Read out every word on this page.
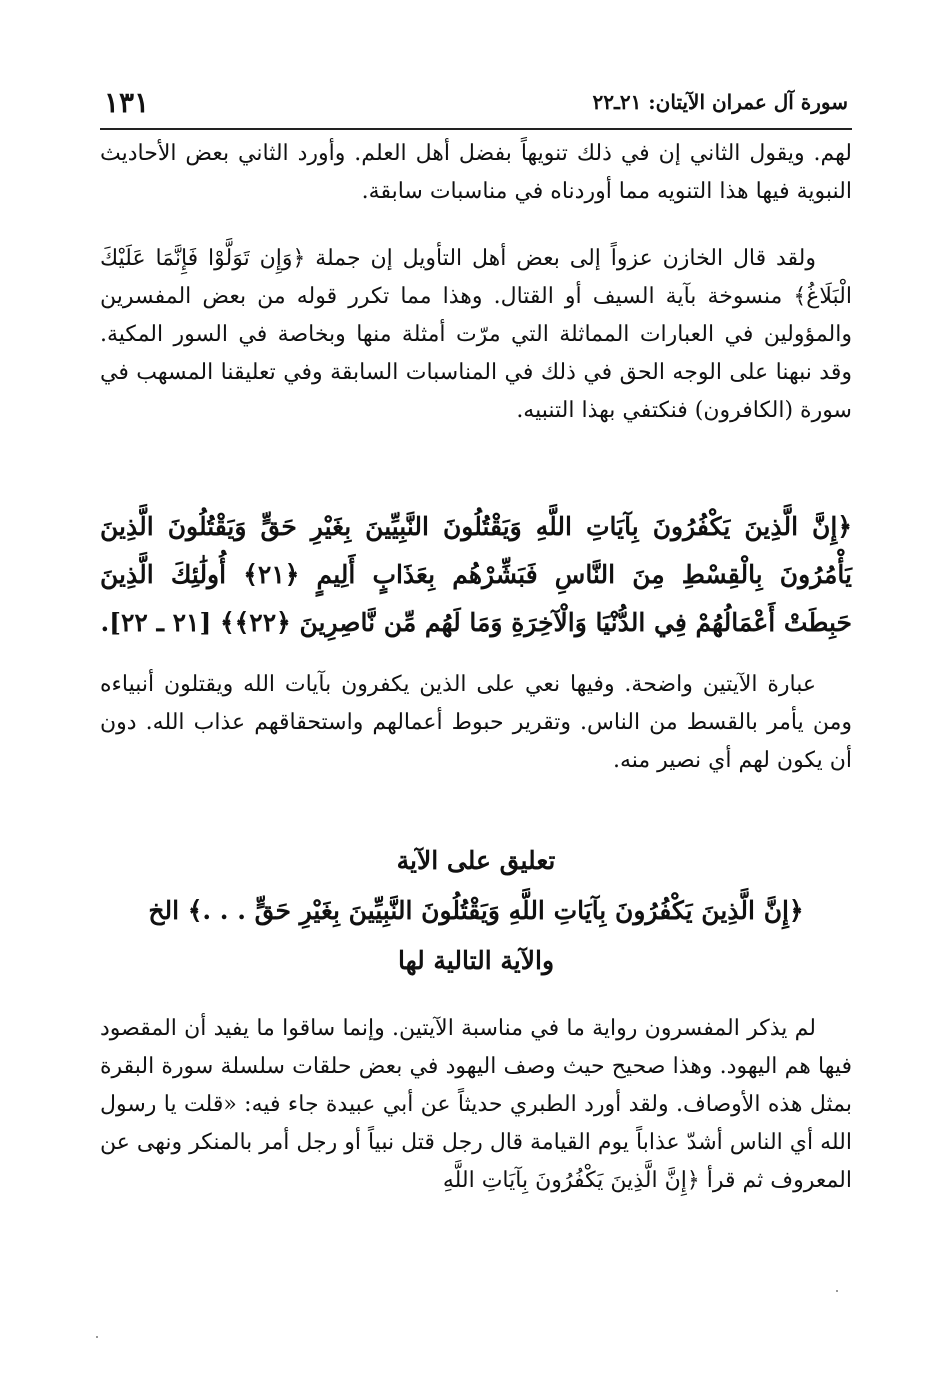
١٣١	سورة آل عمران الآيتان: ٢١ـ٢٢

لهم. ويقول الثاني إن في ذلك تنويهاً بفضل أهل العلم. وأورد الثاني بعض الأحاديث النبوية فيها هذا التنويه مما أوردناه في مناسبات سابقة.

ولقد قال الخازن عزواً إلى بعض أهل التأويل إن جملة ﴿وَإِن تَوَلَّوْا فَإِنَّمَا عَلَيْكَ الْبَلَاغُ﴾ منسوخة بآية السيف أو القتال. وهذا مما تكرر قوله من بعض المفسرين والمؤولين في العبارات المماثلة التي مرّت أمثلة منها وبخاصة في السور المكية. وقد نبهنا على الوجه الحق في ذلك في المناسبات السابقة وفي تعليقنا المسهب في سورة (الكافرون) فنكتفي بهذا التنبيه.

﴿إِنَّ الَّذِينَ يَكْفُرُونَ بِآيَاتِ اللَّهِ وَيَقْتُلُونَ النَّبِيِّينَ بِغَيْرِ حَقٍّ وَيَقْتُلُونَ الَّذِينَ يَأْمُرُونَ بِالْقِسْطِ مِنَ النَّاسِ فَبَشِّرْهُم بِعَذَابٍ أَلِيمٍ ﴿٢١﴾ أُولَٰئِكَ الَّذِينَ حَبِطَتْ أَعْمَالُهُمْ فِي الدُّنْيَا وَالْآخِرَةِ وَمَا لَهُم مِّن نَّاصِرِينَ ﴿٢٢﴾﴾ [٢١ ـ ٢٢].

عبارة الآيتين واضحة. وفيها نعي على الذين يكفرون بآيات الله ويقتلون أنبياءه ومن يأمر بالقسط من الناس. وتقرير حبوط أعمالهم واستحقاقهم عذاب الله. دون أن يكون لهم أي نصير منه.

تعليق على الآية
﴿إِنَّ الَّذِينَ يَكْفُرُونَ بِآيَاتِ اللَّهِ وَيَقْتُلُونَ النَّبِيِّينَ بِغَيْرِ حَقٍّ . . .﴾ الخ
والآية التالية لها

لم يذكر المفسرون رواية ما في مناسبة الآيتين. وإنما ساقوا ما يفيد أن المقصود فيها هم اليهود. وهذا صحيح حيث وصف اليهود في بعض حلقات سلسلة سورة البقرة بمثل هذه الأوصاف. ولقد أورد الطبري حديثاً عن أبي عبيدة جاء فيه: «قلت يا رسول الله أي الناس أشدّ عذاباً يوم القيامة قال رجل قتل نبياً أو رجل أمر بالمنكر ونهى عن المعروف ثم قرأ ﴿إِنَّ الَّذِينَ يَكْفُرُونَ بِآيَاتِ اللَّهِ
